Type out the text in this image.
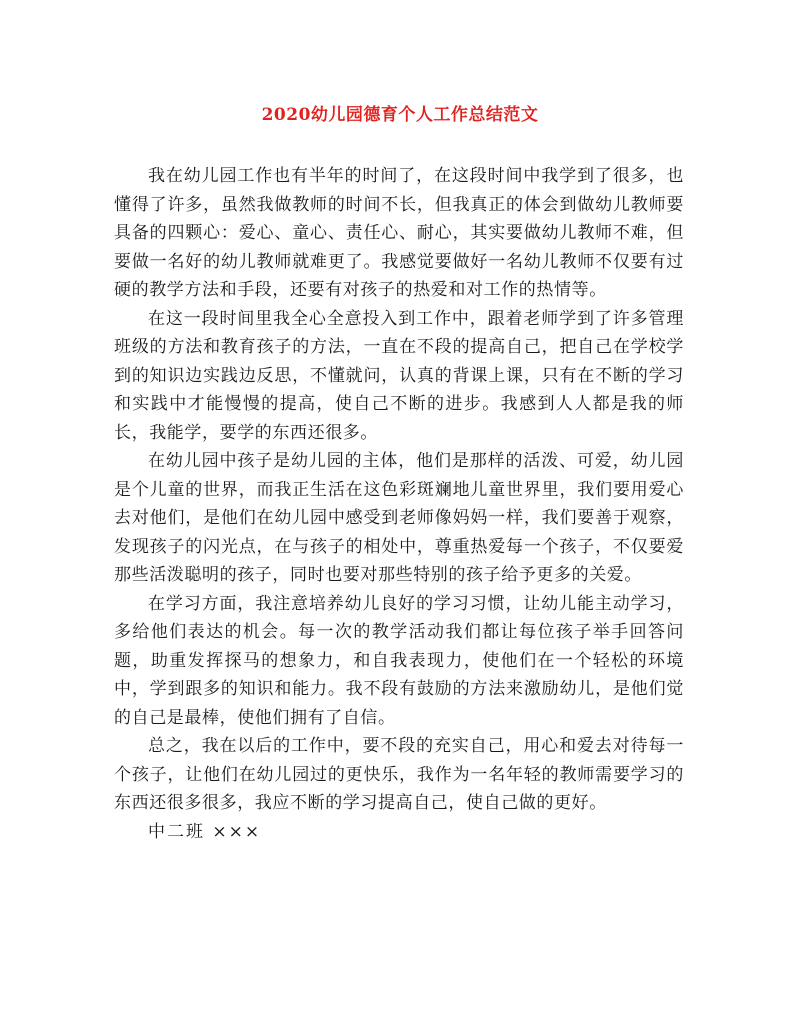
2020幼儿园德育个人工作总结范文

我在幼儿园工作也有半年的时间了，在这段时间中我学到了很多，也懂得了许多，虽然我做教师的时间不长，但我真正的体会到做幼儿教师要具备的四颗心：爱心、童心、责任心、耐心，其实要做幼儿教师不难，但要做一名好的幼儿教师就难更了。我感觉要做好一名幼儿教师不仅要有过硬的教学方法和手段，还要有对孩子的热爱和对工作的热情等。

在这一段时间里我全心全意投入到工作中，跟着老师学到了许多管理班级的方法和教育孩子的方法，一直在不段的提高自己，把自己在学校学到的知识边实践边反思，不懂就问，认真的背课上课，只有在不断的学习和实践中才能慢慢的提高，使自己不断的进步。我感到人人都是我的师长，我能学，要学的东西还很多。

在幼儿园中孩子是幼儿园的主体，他们是那样的活泼、可爱，幼儿园是个儿童的世界，而我正生活在这色彩斑斓地儿童世界里，我们要用爱心去对他们，是他们在幼儿园中感受到老师像妈妈一样，我们要善于观察，发现孩子的闪光点，在与孩子的相处中，尊重热爱每一个孩子，不仅要爱那些活泼聪明的孩子，同时也要对那些特别的孩子给予更多的关爱。

在学习方面，我注意培养幼儿良好的学习习惯，让幼儿能主动学习，多给他们表达的机会。每一次的教学活动我们都让每位孩子举手回答问题，助重发挥探马的想象力，和自我表现力，使他们在一个轻松的环境中，学到跟多的知识和能力。我不段有鼓励的方法来激励幼儿，是他们觉的自己是最棒，使他们拥有了自信。

总之，我在以后的工作中，要不段的充实自己，用心和爱去对待每一个孩子，让他们在幼儿园过的更快乐，我作为一名年轻的教师需要学习的东西还很多很多，我应不断的学习提高自己，使自己做的更好。

中二班 ×××
